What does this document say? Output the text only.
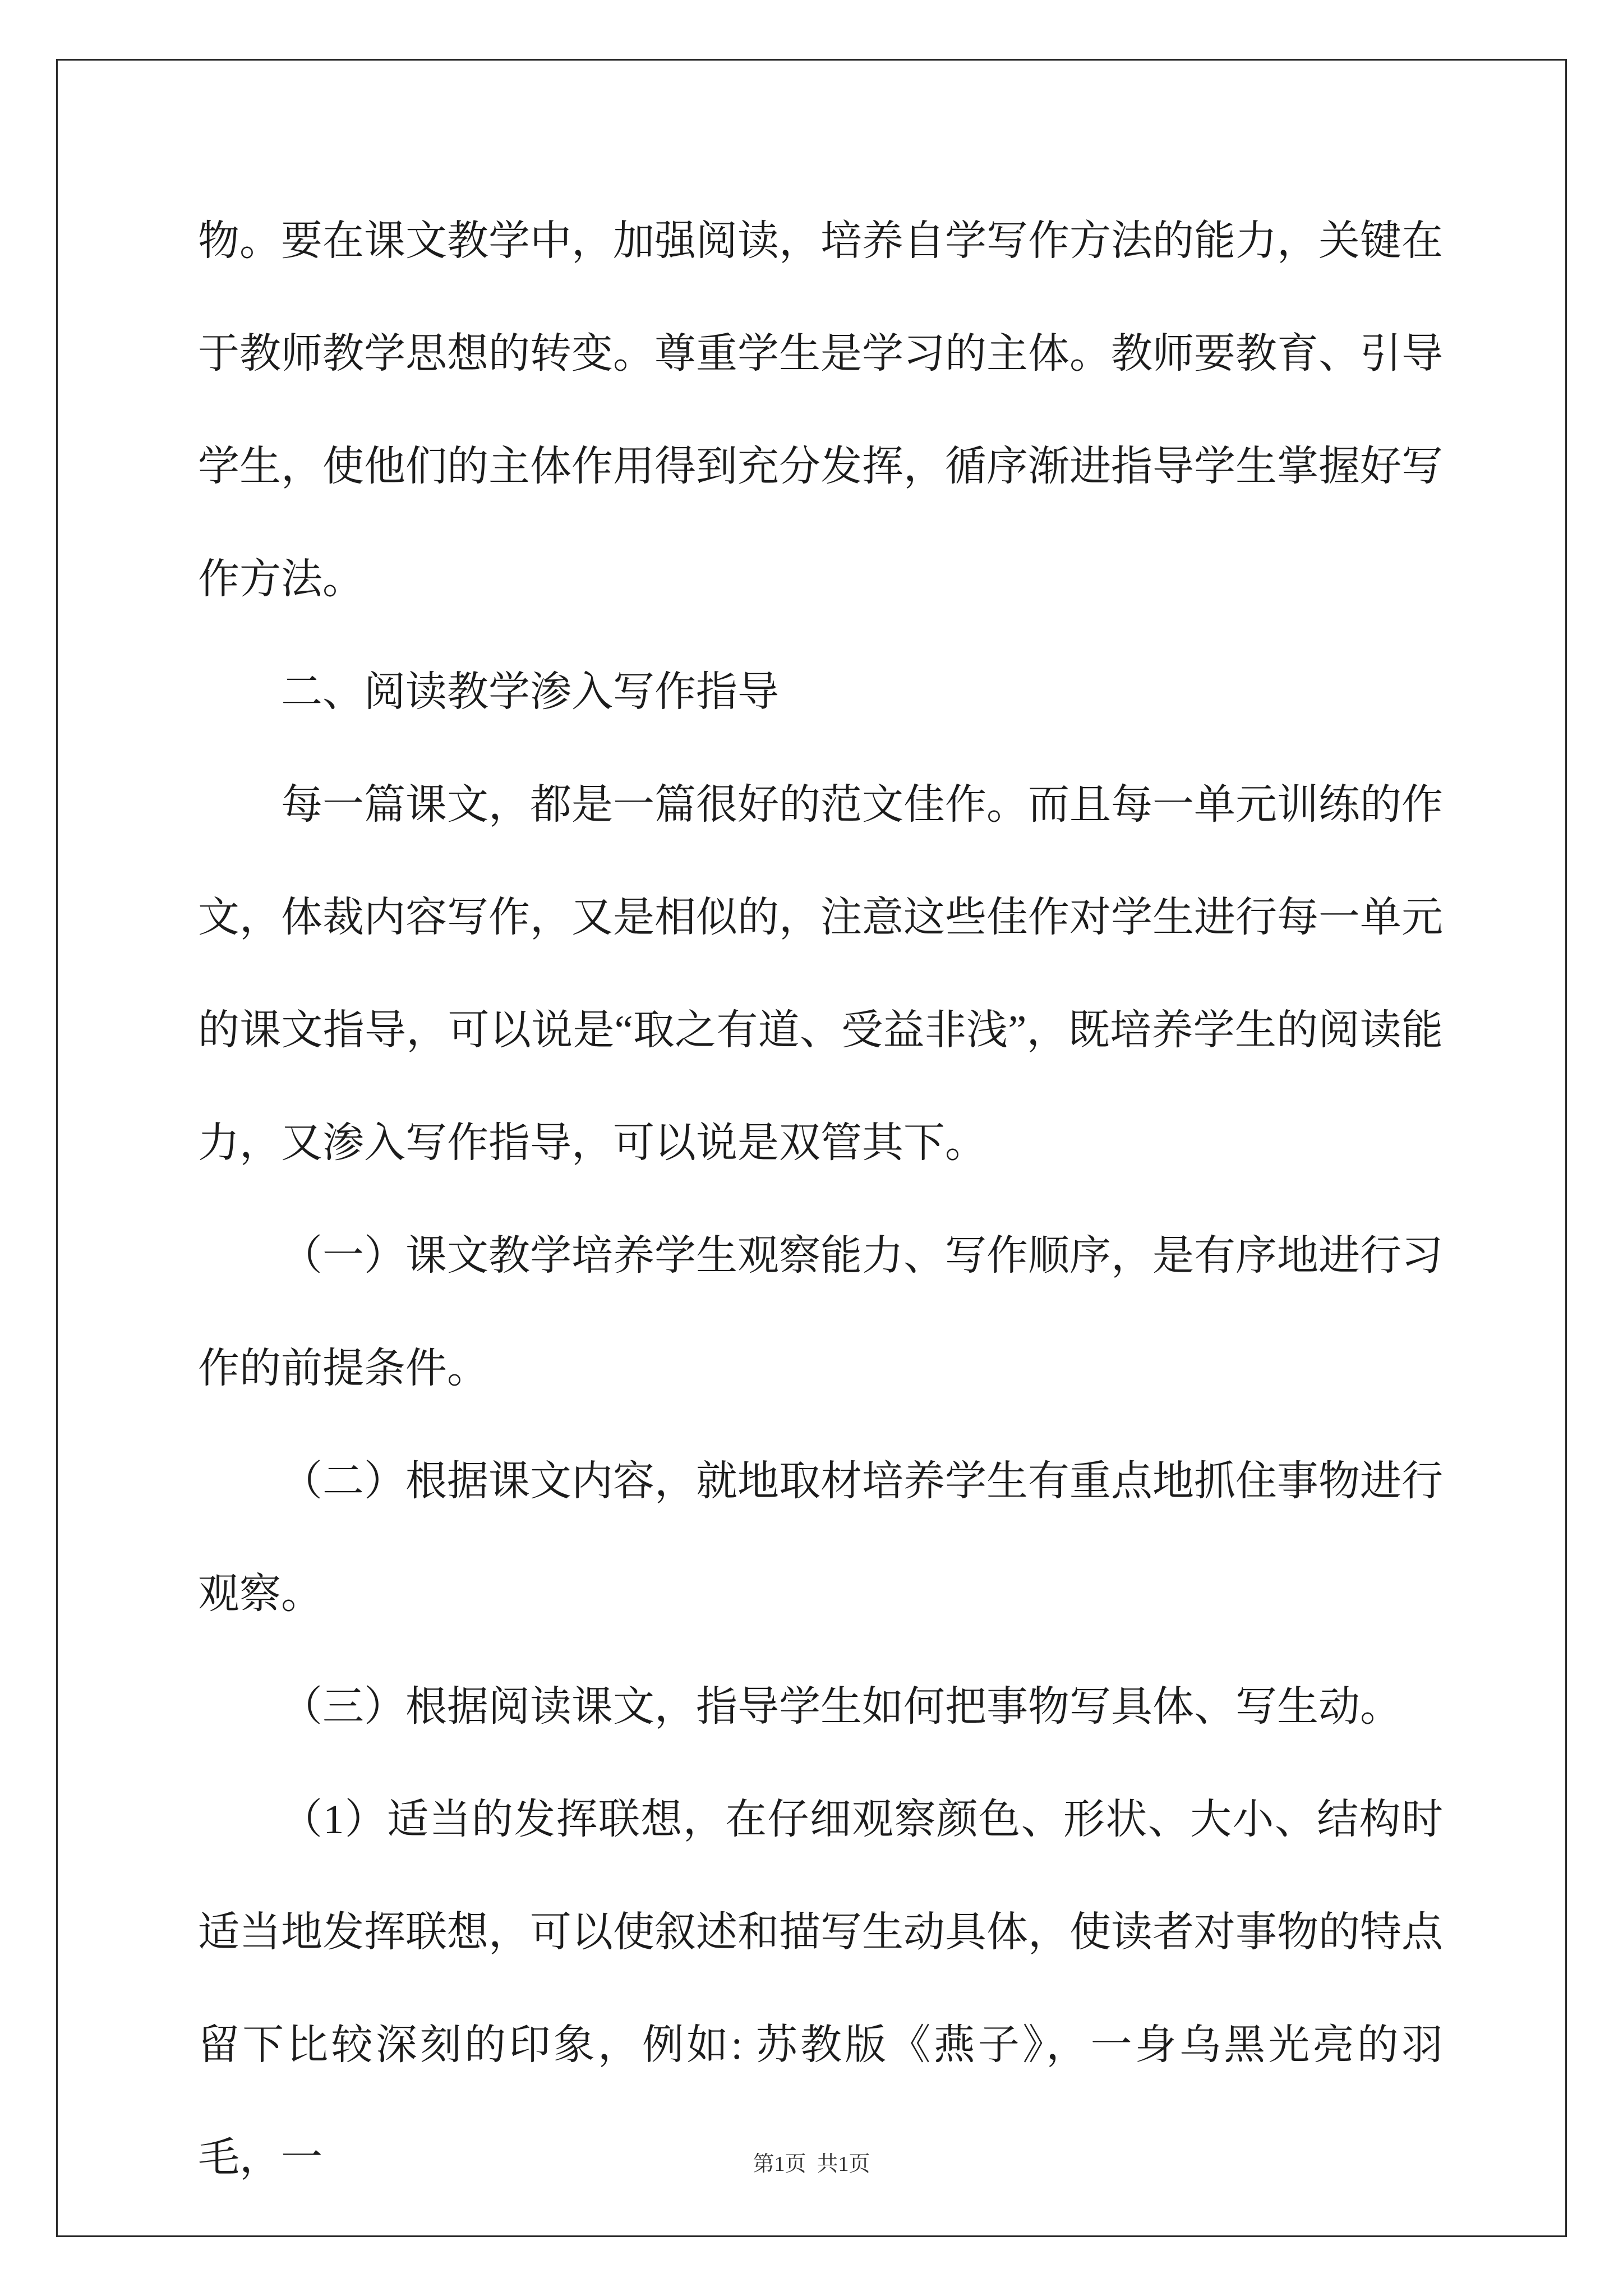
物。要在课文教学中，加强阅读，培养自学写作方法的能力，关键在于教师教学思想的转变。尊重学生是学习的主体。教师要教育、引导学生，使他们的主体作用得到充分发挥，循序渐进指导学生掌握好写作方法。

二、阅读教学渗入写作指导

每一篇课文，都是一篇很好的范文佳作。而且每一单元训练的作文，体裁内容写作，又是相似的，注意这些佳作对学生进行每一单元的课文指导，可以说是“取之有道、受益非浅”，既培养学生的阅读能力，又渗入写作指导，可以说是双管其下。

（一）课文教学培养学生观察能力、写作顺序，是有序地进行习作的前提条件。

（二）根据课文内容，就地取材培养学生有重点地抓住事物进行观察。

（三）根据阅读课文，指导学生如何把事物写具体、写生动。

（1）适当的发挥联想，在仔细观察颜色、形状、大小、结构时适当地发挥联想，可以使叙述和描写生动具体，使读者对事物的特点留下比较深刻的印象，例如: 苏教版《燕子》，一身乌黑光亮的羽毛，一	第1页  共1页
